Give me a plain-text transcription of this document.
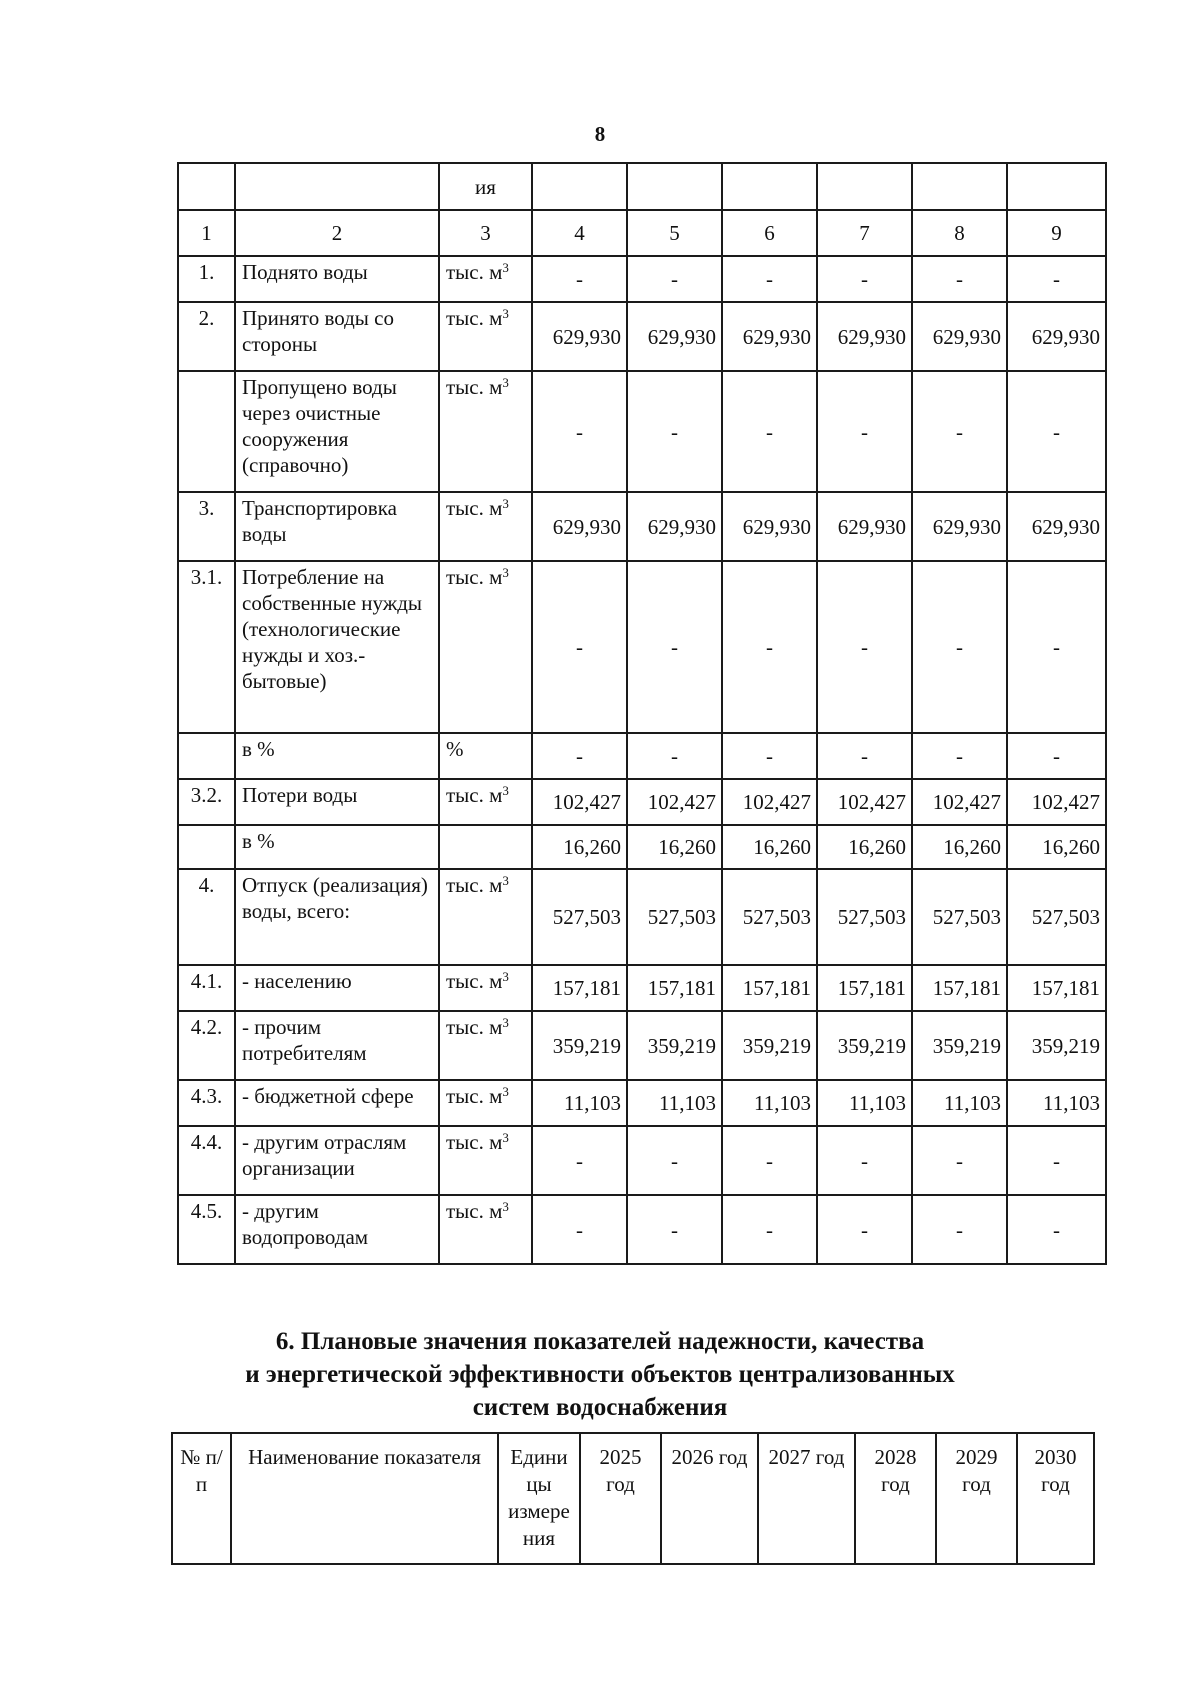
8
		ия						
1	2	3	4	5	6	7	8	9
1.	Поднято воды	тыс. $м^3$	-	-	-	-	-	-
2.	Принято воды со стороны	тыс. $м^3$	629,930	629,930	629,930	629,930	629,930	629,930
	Пропущено воды через очистные сооружения (справочно)	тыс. $м^3$	-	-	-	-	-	-
3.	Транспортировка воды	тыс. $м^3$	629,930	629,930	629,930	629,930	629,930	629,930
3.1.	Потребление на собственные нужды (технологические нужды и хоз.-бытовые)	тыс. $м^3$	-	-	-	-	-	-
	в %	%	-	-	-	-	-	-
3.2.	Потери воды	тыс. $м^3$	102,427	102,427	102,427	102,427	102,427	102,427
	в %		16,260	16,260	16,260	16,260	16,260	16,260
4.	Отпуск (реализация) воды, всего:	тыс. $м^3$	527,503	527,503	527,503	527,503	527,503	527,503
4.1.	- населению	тыс. $м^3$	157,181	157,181	157,181	157,181	157,181	157,181
4.2.	- прочим потребителям	тыс. $м^3$	359,219	359,219	359,219	359,219	359,219	359,219
4.3.	- бюджетной сфере	тыс. $м^3$	11,103	11,103	11,103	11,103	11,103	11,103
4.4.	- другим отраслям организации	тыс. $м^3$	-	-	-	-	-	-
4.5.	- другим водопроводам	тыс. $м^3$	-	-	-	-	-	-
6. Плановые значения показателей надежности, качества
и энергетической эффективности объектов централизованных
систем водоснабжения
№ п/п	Наименование показателя	Едини цы измере ния	2025 год	2026 год	2027 год	2028 год	2029 год	2030 год
